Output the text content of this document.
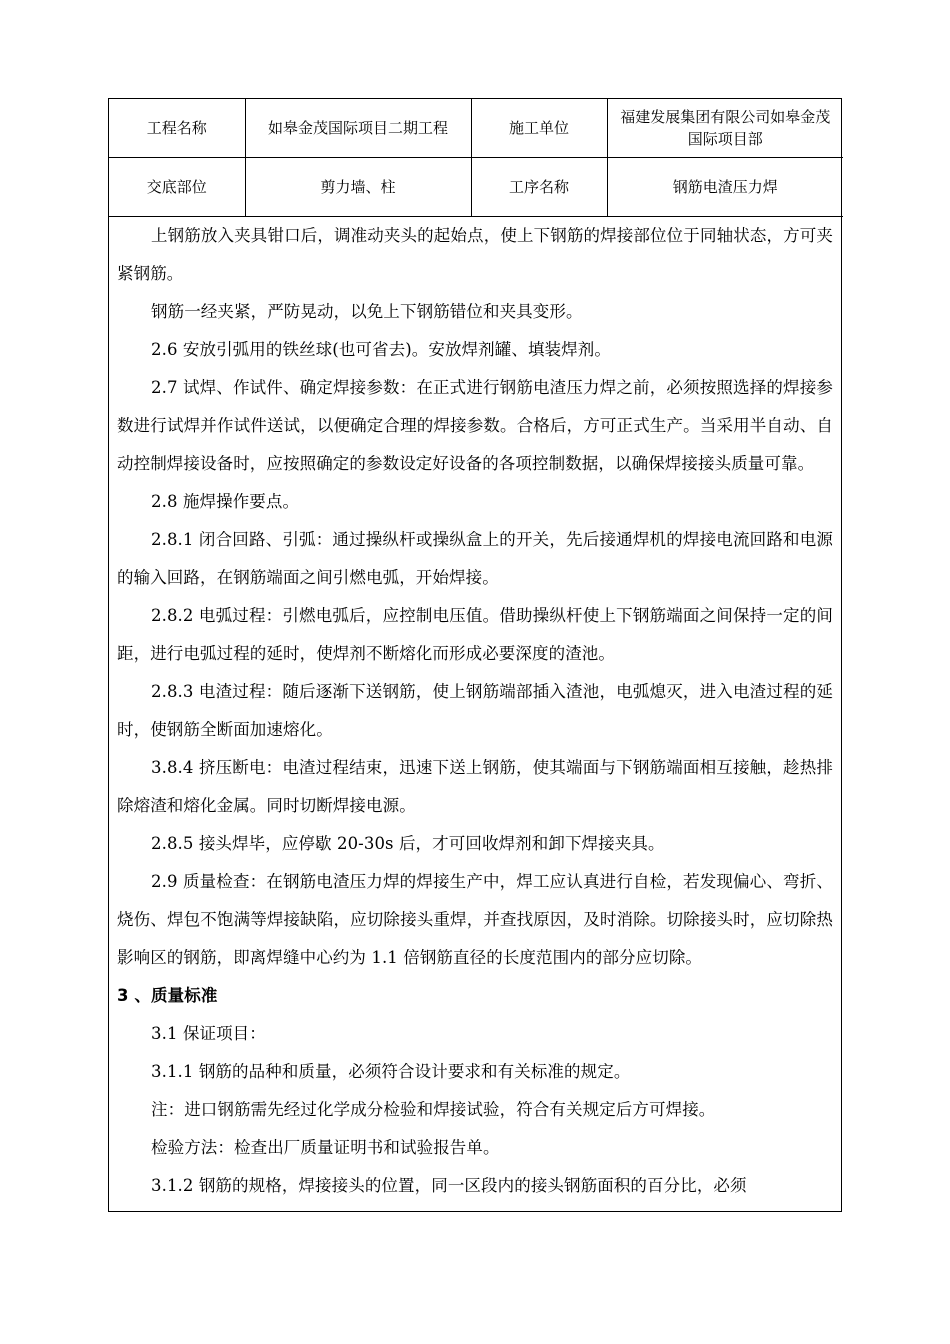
工程名称	如皋金茂国际项目二期工程	施工单位	福建发展集团有限公司如皋金茂国际项目部
交底部位	剪力墙、柱	工序名称	钢筋电渣压力焊
上钢筋放入夹具钳口后，调准动夹头的起始点，使上下钢筋的焊接部位位于同轴状态，方可夹紧钢筋。
钢筋一经夹紧，严防晃动，以免上下钢筋错位和夹具变形。
2.6 安放引弧用的铁丝球(也可省去)。安放焊剂罐、填装焊剂。
2.7 试焊、作试件、确定焊接参数：在正式进行钢筋电渣压力焊之前，必须按照选择的焊接参数进行试焊并作试件送试，以便确定合理的焊接参数。合格后，方可正式生产。当采用半自动、自动控制焊接设备时，应按照确定的参数设定好设备的各项控制数据，以确保焊接接头质量可靠。
2.8 施焊操作要点。
2.8.1 闭合回路、引弧：通过操纵杆或操纵盒上的开关，先后接通焊机的焊接电流回路和电源的输入回路，在钢筋端面之间引燃电弧，开始焊接。
2.8.2 电弧过程：引燃电弧后，应控制电压值。借助操纵杆使上下钢筋端面之间保持一定的间距，进行电弧过程的延时，使焊剂不断熔化而形成必要深度的渣池。
2.8.3 电渣过程：随后逐渐下送钢筋，使上钢筋端部插入渣池，电弧熄灭，进入电渣过程的延时，使钢筋全断面加速熔化。
3.8.4 挤压断电：电渣过程结束，迅速下送上钢筋，使其端面与下钢筋端面相互接触，趁热排除熔渣和熔化金属。同时切断焊接电源。
2.8.5 接头焊毕，应停歇 20-30s 后，才可回收焊剂和卸下焊接夹具。
2.9 质量检查：在钢筋电渣压力焊的焊接生产中，焊工应认真进行自检，若发现偏心、弯折、烧伤、焊包不饱满等焊接缺陷，应切除接头重焊，并查找原因，及时消除。切除接头时，应切除热影响区的钢筋，即离焊缝中心约为 1.1 倍钢筋直径的长度范围内的部分应切除。
3 、质量标准
3.1 保证项目：
3.1.1 钢筋的品种和质量，必须符合设计要求和有关标准的规定。
注：进口钢筋需先经过化学成分检验和焊接试验，符合有关规定后方可焊接。
检验方法：检查出厂质量证明书和试验报告单。
3.1.2 钢筋的规格，焊接接头的位置，同一区段内的接头钢筋面积的百分比，必须
